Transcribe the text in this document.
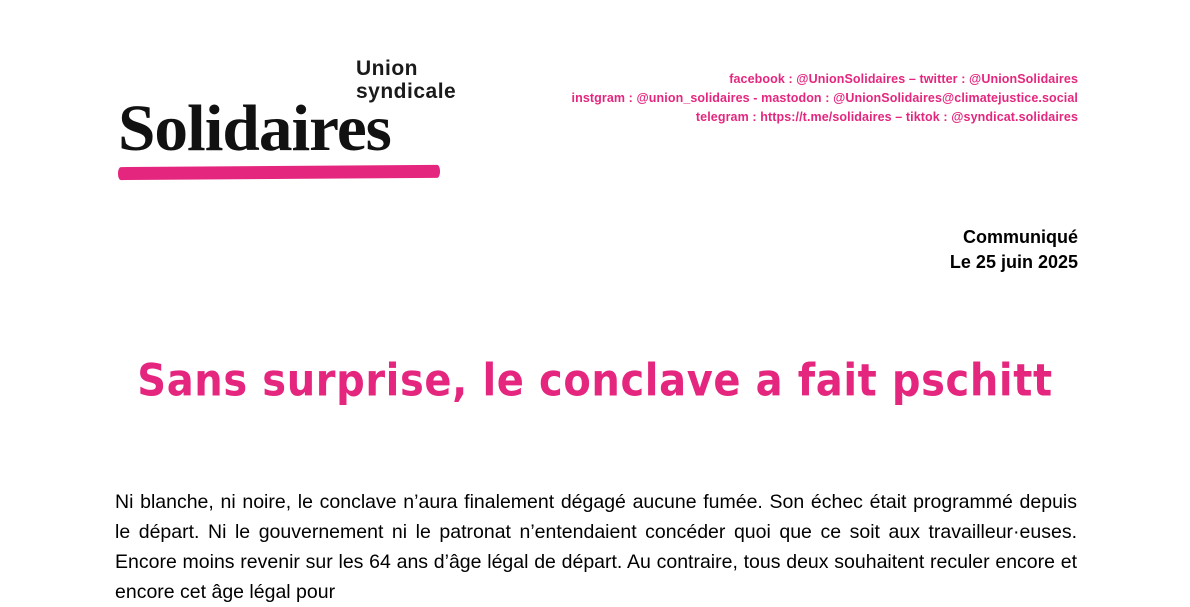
Union
syndicale
Solidaires
facebook : @UnionSolidaires – twitter : @UnionSolidaires
instgram : @union_solidaires - mastodon : @UnionSolidaires@climatejustice.social
telegram : https://t.me/solidaires – tiktok : @syndicat.solidaires
Communiqué
Le 25 juin 2025
Sans surprise, le conclave a fait pschitt

Ni blanche, ni noire, le conclave n’aura finalement dégagé aucune fumée. Son échec était programmé depuis le départ. Ni le gouvernement ni le patronat n’entendaient concéder quoi que ce soit aux travailleur·euses. Encore moins revenir sur les 64 ans d’âge légal de départ. Au contraire, tous deux souhaitent reculer encore et encore cet âge légal pour
